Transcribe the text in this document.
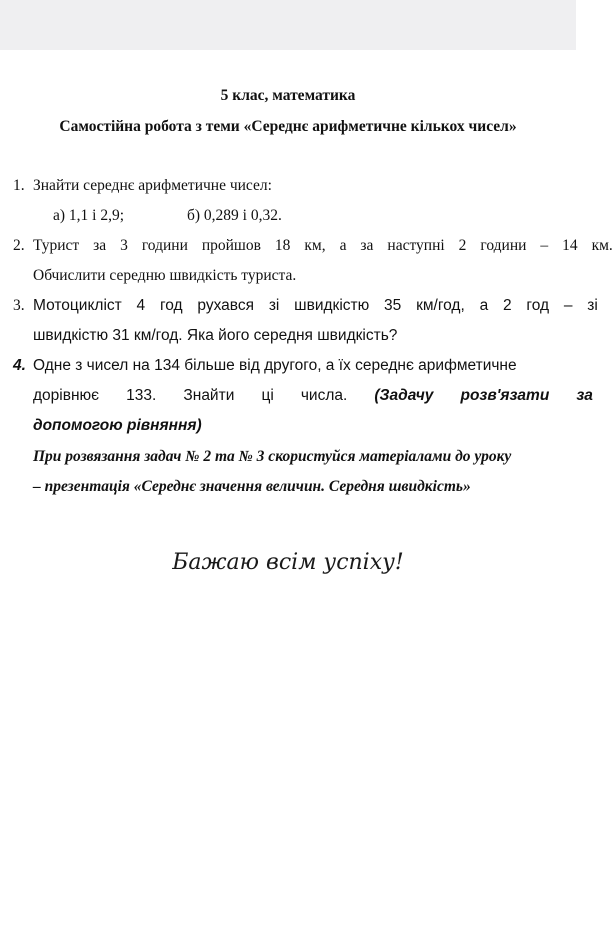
5 клас, математика
Самостійна робота з теми «Середнє арифметичне кількох чисел»
1. Знайти середнє арифметичне чисел:
а) 1,1 і 2,9;	б) 0,289 і 0,32.
2. Турист за 3 години пройшов 18 км, а за наступні 2 години – 14 км.
Обчислити середню швидкість туриста.
3. Мотоцикліст 4 год рухався зі швидкістю 35 км/год, а 2 год – зі
швидкістю 31 км/год. Яка його середня швидкість?
4. Одне з чисел на 134 більше від другого, а їх середнє арифметичне
дорівнює 133. Знайти ці числа. (Задачу розв'язати за
допомогою рівняння)
При розвязання задач № 2 та № 3 скористуйся матеріалами до уроку
– презентація «Середнє значення величин. Середня швидкість»
Бажаю всім успіху!
